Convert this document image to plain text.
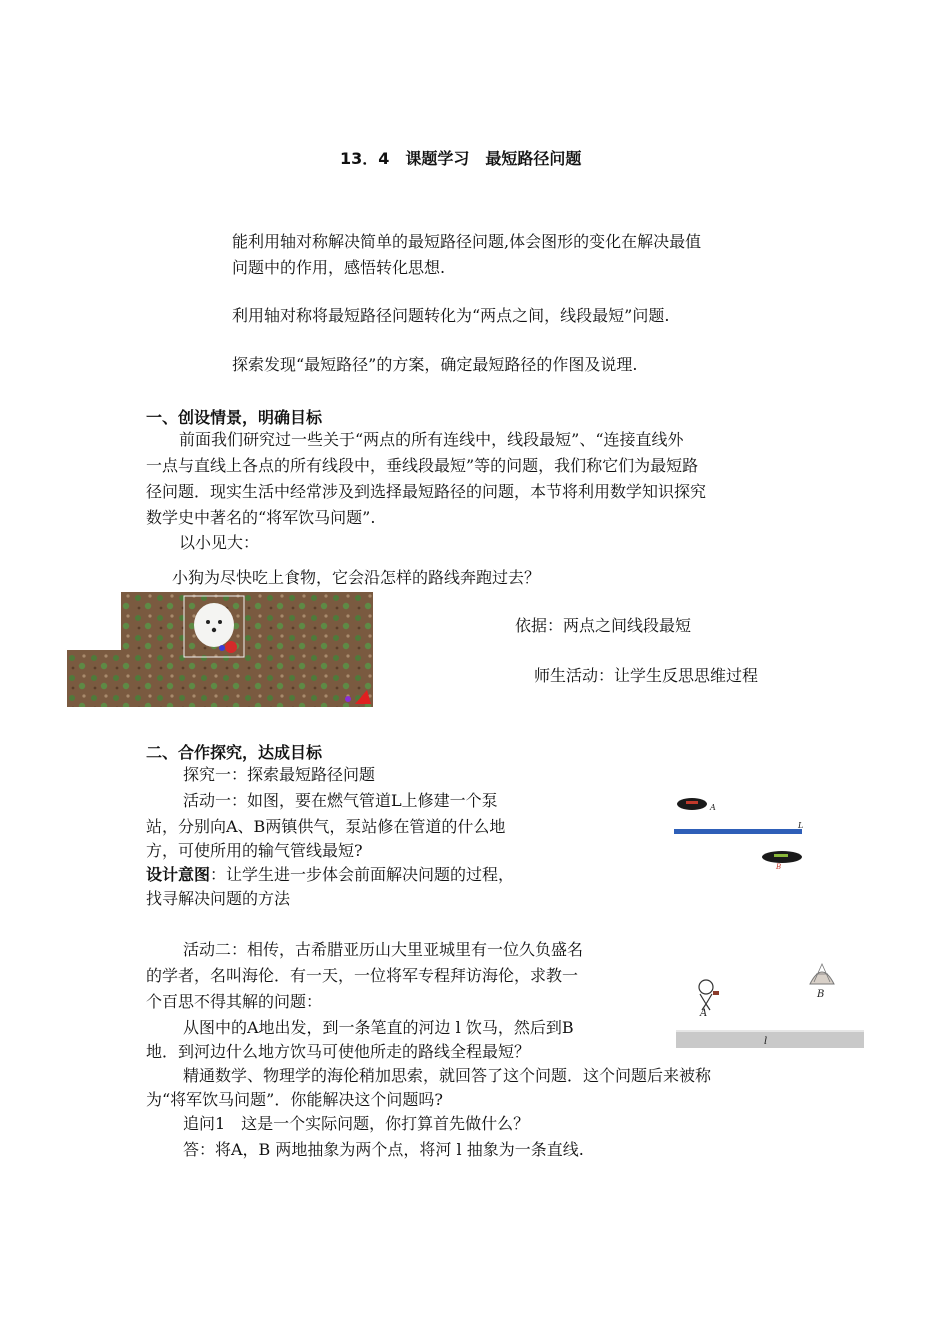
13．4　课题学习　最短路径问题
能利用轴对称解决简单的最短路径问题,体会图形的变化在解决最值
问题中的作用，感悟转化思想.
利用轴对称将最短路径问题转化为“两点之间，线段最短”问题.
探索发现“最短路径”的方案，确定最短路径的作图及说理.
一、创设情景，明确目标
前面我们研究过一些关于“两点的所有连线中，线段最短”、“连接直线外
一点与直线上各点的所有线段中，垂线段最短”等的问题，我们称它们为最短路
径问题．现实生活中经常涉及到选择最短路径的问题，本节将利用数学知识探究
数学史中著名的“将军饮马问题”.
以小见大：
小狗为尽快吃上食物，它会沿怎样的路线奔跑过去？
依据：两点之间线段最短
师生活动：让学生反思思维过程
二、合作探究，达成目标
探究一：探索最短路径问题
活动一：如图，要在燃气管道L上修建一个泵
站，分别向A、B两镇供气，泵站修在管道的什么地
方，可使所用的输气管线最短?
设计意图：让学生进一步体会前面解决问题的过程，
找寻解决问题的方法
A
L
B
活动二：相传，古希腊亚历山大里亚城里有一位久负盛名
的学者，名叫海伦．有一天，一位将军专程拜访海伦，求教一
个百思不得其解的问题：
从图中的A地出发，到一条笔直的河边 l 饮马，然后到B
地．到河边什么地方饮马可使他所走的路线全程最短？
A
B
l
精通数学、物理学的海伦稍加思索，就回答了这个问题．这个问题后来被称
为“将军饮马问题”．你能解决这个问题吗?
追问1　这是一个实际问题，你打算首先做什么？
答：将A，B 两地抽象为两个点，将河 l 抽象为一条直线.
